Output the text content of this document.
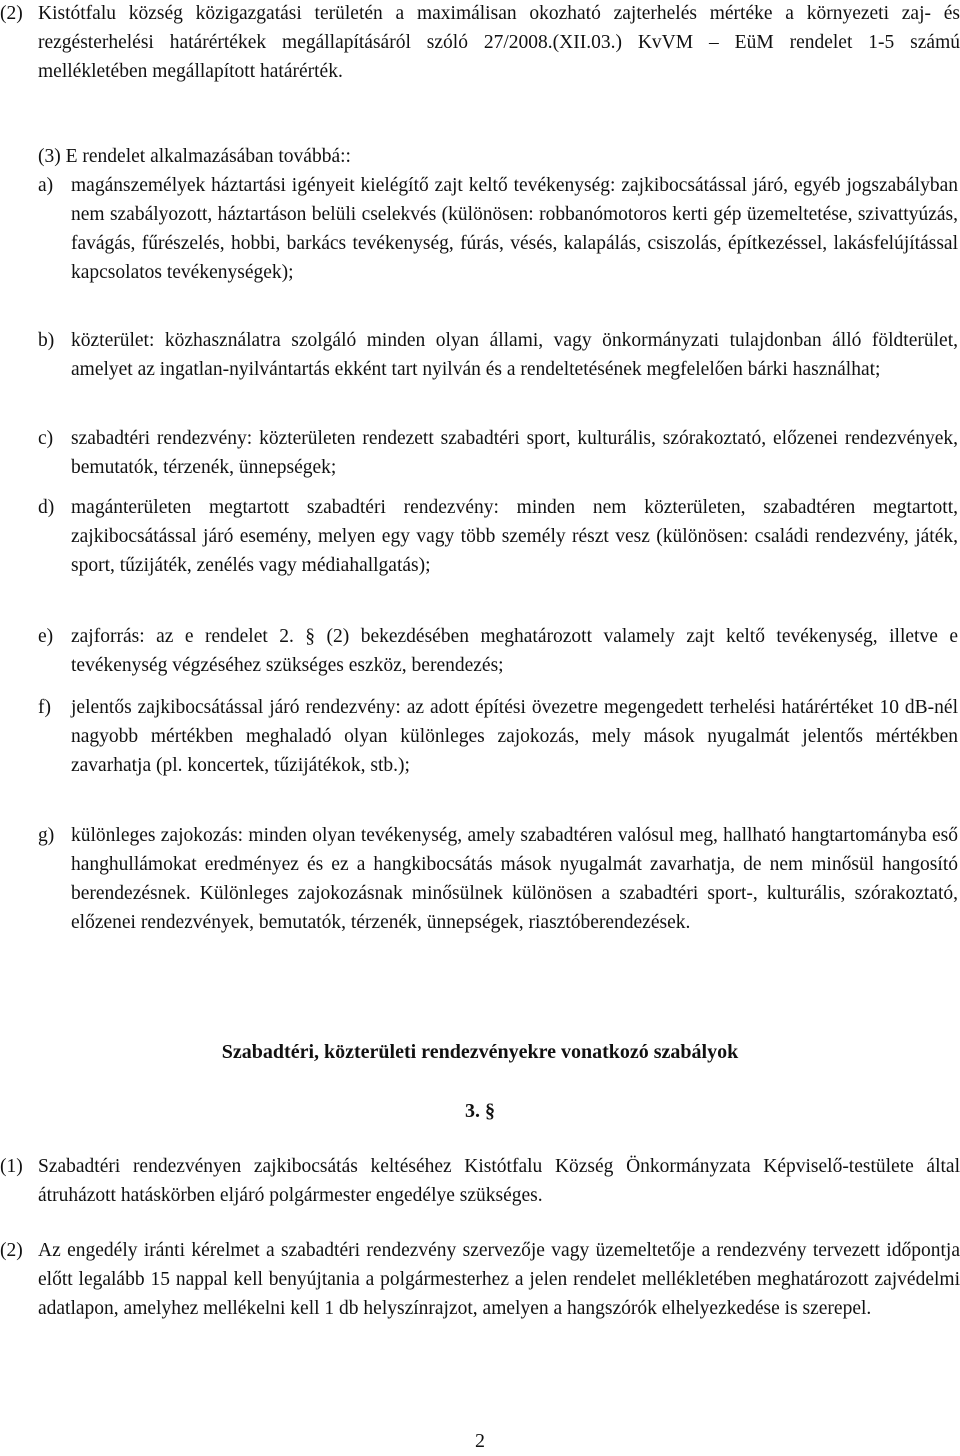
(2) Kistótfalu község közigazgatási területén a maximálisan okozható zajterhelés mértéke a környezeti zaj- és rezgésterhelési határértékek megállapításáról szóló 27/2008.(XII.03.) KvVM – EüM rendelet 1-5 számú mellékletében megállapított határérték.
(3) E rendelet alkalmazásában továbbá::
a) magánszemélyek háztartási igényeit kielégítő zajt keltő tevékenység: zajkibocsátással járó, egyéb jogszabályban nem szabályozott, háztartáson belüli cselekvés (különösen: robbanómotoros kerti gép üzemeltetése, szivattyúzás, favágás, fűrészelés, hobbi, barkács tevékenység, fúrás, vésés, kalapálás, csiszolás, építkezéssel, lakásfelújítással kapcsolatos tevékenységek);
b) közterület: közhasználatra szolgáló minden olyan állami, vagy önkormányzati tulajdonban álló földterület, amelyet az ingatlan-nyilvántartás ekként tart nyilván és a rendeltetésének megfelelően bárki használhat;
c) szabadtéri rendezvény: közterületen rendezett szabadtéri sport, kulturális, szórakoztató, előzenei rendezvények, bemutatók, térzenék, ünnepségek;
d) magánterületen megtartott szabadtéri rendezvény: minden nem közterületen, szabadtéren megtartott, zajkibocsátással járó esemény, melyen egy vagy több személy részt vesz (különösen: családi rendezvény, játék, sport, tűzijáték, zenélés vagy médiahallgatás);
e) zajforrás: az e rendelet 2. § (2) bekezdésében meghatározott valamely zajt keltő tevékenység, illetve e tevékenység végzéséhez szükséges eszköz, berendezés;
f) jelentős zajkibocsátással járó rendezvény: az adott építési övezetre megengedett terhelési határértéket 10 dB-nél nagyobb mértékben meghaladó olyan különleges zajokozás, mely mások nyugalmát jelentős mértékben zavarhatja (pl. koncertek, tűzijátékok, stb.);
g) különleges zajokozás: minden olyan tevékenység, amely szabadtéren valósul meg, hallható hangtartományba eső hanghullámokat eredményez és ez a hangkibocsátás mások nyugalmát zavarhatja, de nem minősül hangosító berendezésnek. Különleges zajokozásnak minősülnek különösen a szabadtéri sport-, kulturális, szórakoztató, előzenei rendezvények, bemutatók, térzenék, ünnepségek, riasztóberendezések.
Szabadtéri, közterületi rendezvényekre vonatkozó szabályok
3. §
(1) Szabadtéri rendezvényen zajkibocsátás keltéséhez Kistótfalu Község Önkormányzata Képviselő-testülete által átruházott hatáskörben eljáró polgármester engedélye szükséges.
(2) Az engedély iránti kérelmet a szabadtéri rendezvény szervezője vagy üzemeltetője a rendezvény tervezett időpontja előtt legalább 15 nappal kell benyújtania a polgármesterhez a jelen rendelet mellékletében meghatározott zajvédelmi adatlapon, amelyhez mellékelni kell 1 db helyszínrajzot, amelyen a hangszórók elhelyezkedése is szerepel.
2
